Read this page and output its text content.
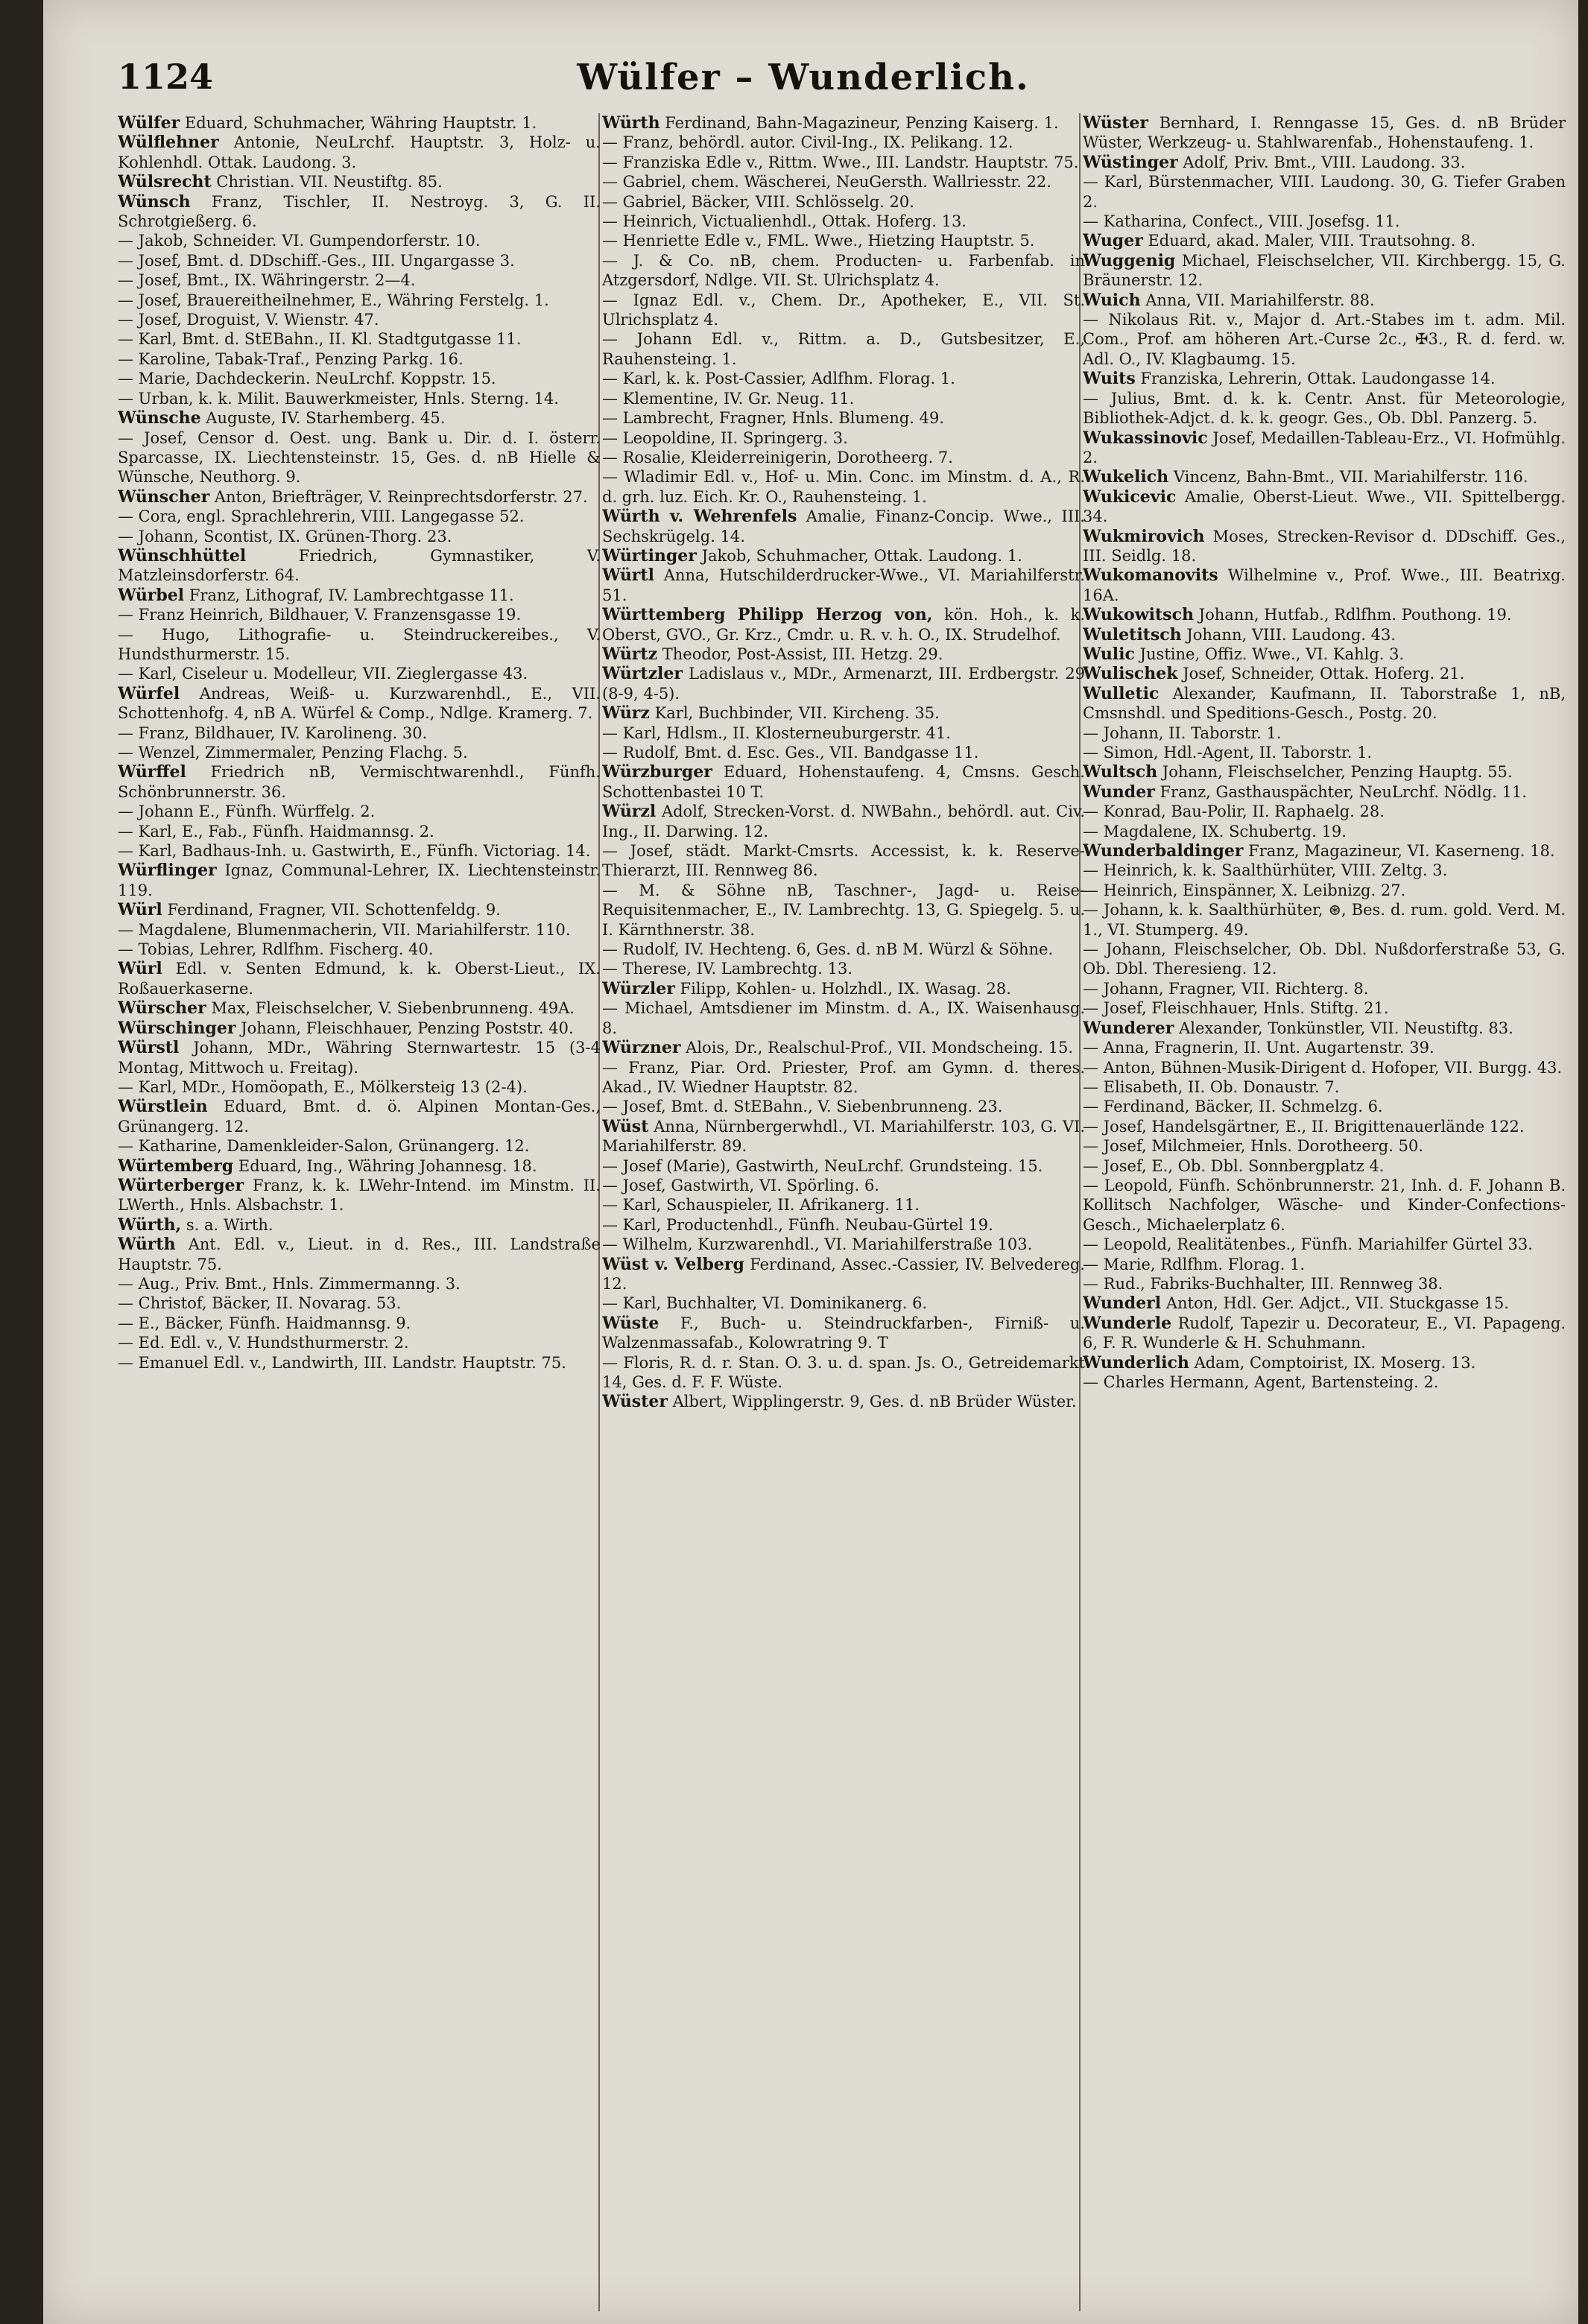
1124	Wülfer – Wunderlich.

Wülfer Eduard, Schuhmacher, Währing Hauptstr. 1.

Wülflehner Antonie, NeuLrchf. Hauptstr. 3, Holz- u. Kohlenhdl. Ottak. Laudong. 3.

Wülsrecht Christian. VII. Neustiftg. 85.

Wünsch Franz, Tischler, II. Nestroyg. 3, G. II. Schrotgießerg. 6.

— Jakob, Schneider. VI. Gumpendorferstr. 10.

— Josef, Bmt. d. DDschiff.-Ges., III. Ungargasse 3.

— Josef, Bmt., IX. Währingerstr. 2—4.

— Josef, Brauereitheilnehmer, E., Währing Ferstelg. 1.

— Josef, Droguist, V. Wienstr. 47.

— Karl, Bmt. d. StEBahn., II. Kl. Stadtgutgasse 11.

— Karoline, Tabak-Traf., Penzing Parkg. 16.

— Marie, Dachdeckerin. NeuLrchf. Koppstr. 15.

— Urban, k. k. Milit. Bauwerkmeister, Hnls. Sterng. 14.

Wünsche Auguste, IV. Starhemberg. 45.

— Josef, Censor d. Oest. ung. Bank u. Dir. d. I. österr. Sparcasse, IX. Liechtensteinstr. 15, Ges. d. nB Hielle & Wünsche, Neuthorg. 9.

Wünscher Anton, Briefträger, V. Reinprechtsdorferstr. 27.

— Cora, engl. Sprachlehrerin, VIII. Langegasse 52.

— Johann, Scontist, IX. Grünen-Thorg. 23.

Wünschhüttel	Friedrich, Gymnastiker, V. Matzleinsdorferstr. 64.

Würbel Franz, Lithograf, IV. Lambrechtgasse 11.

— Franz Heinrich, Bildhauer, V. Franzensgasse 19.

— Hugo, Lithografie- u. Steindruckereibes., V. Hundsthurmerstr. 15.

— Karl, Ciseleur u. Modelleur, VII. Zieglergasse 43.

Würfel Andreas, Weiß- u. Kurzwarenhdl., E., VII. Schottenhofg. 4, nB A. Würfel & Comp., Ndlge. Kramerg. 7.

— Franz, Bildhauer, IV. Karolineng. 30.

— Wenzel, Zimmermaler, Penzing Flachg. 5.

Würffel Friedrich nB, Vermischtwarenhdl., Fünfh. Schönbrunnerstr. 36.

— Johann E., Fünfh. Würffelg. 2.

— Karl, E., Fab., Fünfh. Haidmannsg. 2.

— Karl, Badhaus-Inh. u. Gastwirth, E., Fünfh. Victoriag. 14.

Würflinger Ignaz, Communal-Lehrer, IX. Liechtensteinstr. 119.

Würl Ferdinand, Fragner, VII. Schottenfeldg. 9.

— Magdalene, Blumenmacherin, VII. Mariahilferstr. 110.

— Tobias, Lehrer, Rdlfhm. Fischerg. 40.

Würl Edl. v. Senten Edmund, k. k. Oberst-Lieut., IX. Roßauerkaserne.

Würscher Max, Fleischselcher, V. Siebenbrunneng. 49A.

Würschinger Johann, Fleischhauer, Penzing Poststr. 40.

Würstl Johann, MDr., Währing Sternwartestr. 15 (3-4 Montag, Mittwoch u. Freitag).

— Karl, MDr., Homöopath, E., Mölkersteig 13 (2-4).

Würstlein Eduard, Bmt. d. ö. Alpinen Montan-Ges., Grünangerg. 12.

— Katharine, Damenkleider-Salon, Grünangerg. 12.

Würtemberg Eduard, Ing., Währing Johannesg. 18.

Würterberger Franz, k. k. LWehr-Intend. im Minstm. II. LWerth., Hnls. Alsbachstr. 1.

Würth, s. a. Wirth.

Würth Ant. Edl. v., Lieut. in d. Res., III. Landstraße Hauptstr. 75.

— Aug., Priv. Bmt., Hnls. Zimmermanng. 3.

— Christof, Bäcker, II. Novarag. 53.

— E., Bäcker, Fünfh. Haidmannsg. 9.

— Ed. Edl. v., V. Hundsthurmerstr. 2.

— Emanuel Edl. v., Landwirth, III. Landstr. Hauptstr. 75.

Würth Ferdinand, Bahn-Magazineur, Penzing Kaiserg. 1.

— Franz, behördl. autor. Civil-Ing., IX. Pelikang. 12.

— Franziska Edle v., Rittm. Wwe., III. Landstr. Hauptstr. 75.

— Gabriel, chem. Wäscherei, NeuGersth. Wallriesstr. 22.

— Gabriel, Bäcker, VIII. Schlösselg. 20.

— Heinrich, Victualienhdl., Ottak. Hoferg. 13.

— Henriette Edle v., FML. Wwe., Hietzing Hauptstr. 5.

— J. & Co. nB, chem. Producten- u. Farbenfab. in Atzgersdorf, Ndlge. VII. St. Ulrichsplatz 4.

— Ignaz Edl. v., Chem. Dr., Apotheker, E., VII. St. Ulrichsplatz 4.

— Johann Edl. v., Rittm. a. D., Gutsbesitzer, E., Rauhensteing. 1.

— Karl, k. k. Post-Cassier, Adlfhm. Florag. 1.

— Klementine, IV. Gr. Neug. 11.

— Lambrecht, Fragner, Hnls. Blumeng. 49.

— Leopoldine, II. Springerg. 3.

— Rosalie, Kleiderreinigerin, Dorotheerg. 7.

— Wladimir Edl. v., Hof- u. Min. Conc. im Minstm. d. A., R. d. grh. luz. Eich. Kr. O., Rauhensteing. 1.

Würth v. Wehrenfels Amalie, Finanz-Concip. Wwe., III. Sechskrügelg. 14.

Würtinger Jakob, Schuhmacher, Ottak. Laudong. 1.

Würtl Anna, Hutschilderdrucker-Wwe., VI. Mariahilferstr. 51.

Württemberg Philipp Herzog von, kön. Hoh., k. k. Oberst, GVO., Gr. Krz., Cmdr. u. R. v. h. O., IX. Strudelhof.

Würtz Theodor, Post-Assist, III. Hetzg. 29.

Würtzler Ladislaus v., MDr., Armenarzt, III. Erdbergstr. 29 (8-9, 4-5).

Würz Karl, Buchbinder, VII. Kircheng. 35.

— Karl, Hdlsm., II. Klosterneuburgerstr. 41.

— Rudolf, Bmt. d. Esc. Ges., VII. Bandgasse 11.

Würzburger Eduard, Hohenstaufeng. 4, Cmsns. Gesch. Schottenbastei 10 T.

Würzl Adolf, Strecken-Vorst. d. NWBahn., behördl. aut. Civ. Ing., II. Darwing. 12.

— Josef, städt. Markt-Cmsrts. Accessist, k. k. Reserve-Thierarzt, III. Rennweg 86.

— M. & Söhne nB, Taschner-, Jagd- u. Reise-Requisitenmacher, E., IV. Lambrechtg. 13, G. Spiegelg. 5. u. I. Kärnthnerstr. 38.

— Rudolf, IV. Hechteng. 6, Ges. d. nB M. Würzl & Söhne.

— Therese, IV. Lambrechtg. 13.

Würzler Filipp, Kohlen- u. Holzhdl., IX. Wasag. 28.

— Michael, Amtsdiener im Minstm. d. A., IX. Waisenhausg. 8.

Würzner Alois, Dr., Realschul-Prof., VII. Mondscheing. 15.

— Franz, Piar. Ord. Priester, Prof. am Gymn. d. theres. Akad., IV. Wiedner Hauptstr. 82.

— Josef, Bmt. d. StEBahn., V. Siebenbrunneng. 23.

Wüst Anna, Nürnbergerwhdl., VI. Mariahilferstr. 103, G. VI. Mariahilferstr. 89.

— Josef (Marie), Gastwirth, NeuLrchf. Grundsteing. 15.

— Josef, Gastwirth, VI. Spörling. 6.

— Karl, Schauspieler, II. Afrikanerg. 11.

— Karl, Productenhdl., Fünfh. Neubau-Gürtel 19.

— Wilhelm, Kurzwarenhdl., VI. Mariahilferstraße 103.

Wüst v. Velberg Ferdinand, Assec.-Cassier, IV. Belvedereg. 12.

— Karl, Buchhalter, VI. Dominikanerg. 6.

Wüste F., Buch- u. Steindruckfarben-, Firniß- u. Walzenmassafab., Kolowratring 9. T

— Floris, R. d. r. Stan. O. 3. u. d. span. Js. O., Getreidemarkt 14, Ges. d. F. F. Wüste.

Wüster Albert, Wipplingerstr. 9, Ges. d. nB Brüder Wüster.

Wüster Bernhard, I. Renngasse 15, Ges. d. nB Brüder Wüster, Werkzeug- u. Stahlwarenfab., Hohenstaufeng. 1.

Wüstinger Adolf, Priv. Bmt., VIII. Laudong. 33.

— Karl, Bürstenmacher, VIII. Laudong. 30, G. Tiefer Graben 2.

— Katharina, Confect., VIII. Josefsg. 11.

Wuger Eduard, akad. Maler, VIII. Trautsohng. 8.

Wuggenig Michael, Fleischselcher, VII. Kirchbergg. 15, G. Bräunerstr. 12.

Wuich Anna, VII. Mariahilferstr. 88.

— Nikolaus Rit. v., Major d. Art.-Stabes im t. adm. Mil. Com., Prof. am höheren Art.-Curse 2c., ✠3., R. d. ferd. w. Adl. O., IV. Klagbaumg. 15.

Wuits Franziska, Lehrerin, Ottak. Laudongasse 14.

— Julius, Bmt. d. k. k. Centr. Anst. für Meteorologie, Bibliothek-Adjct. d. k. k. geogr. Ges., Ob. Dbl. Panzerg. 5.

Wukassinovic Josef, Medaillen-Tableau-Erz., VI. Hofmühlg. 2.

Wukelich Vincenz, Bahn-Bmt., VII. Mariahilferstr. 116.

Wukicevic Amalie, Oberst-Lieut. Wwe., VII. Spittelbergg. 34.

Wukmirovich Moses, Strecken-Revisor d. DDschiff. Ges., III. Seidlg. 18.

Wukomanovits Wilhelmine v., Prof. Wwe., III. Beatrixg. 16A.

Wukowitsch Johann, Hutfab., Rdlfhm. Pouthong. 19.

Wuletitsch Johann, VIII. Laudong. 43.

Wulic Justine, Offiz. Wwe., VI. Kahlg. 3.

Wulischek Josef, Schneider, Ottak. Hoferg. 21.

Wulletic Alexander, Kaufmann, II. Taborstraße 1, nB, Cmsnshdl. und Speditions-Gesch., Postg. 20.

— Johann, II. Taborstr. 1.

— Simon, Hdl.-Agent, II. Taborstr. 1.

Wultsch Johann, Fleischselcher, Penzing Hauptg. 55.

Wunder Franz, Gasthauspächter, NeuLrchf. Nödlg. 11.

— Konrad, Bau-Polir, II. Raphaelg. 28.

— Magdalene, IX. Schubertg. 19.

Wunderbaldinger Franz, Magazineur, VI. Kaserneng. 18.

— Heinrich, k. k. Saalthürhüter, VIII. Zeltg. 3.

— Heinrich, Einspänner, X. Leibnizg. 27.

— Johann, k. k. Saalthürhüter, ⊛, Bes. d. rum. gold. Verd. M. 1., VI. Stumperg. 49.

— Johann, Fleischselcher, Ob. Dbl. Nußdorferstraße 53, G. Ob. Dbl. Theresieng. 12.

— Johann, Fragner, VII. Richterg. 8.

— Josef, Fleischhauer, Hnls. Stiftg. 21.

Wunderer Alexander, Tonkünstler, VII. Neustiftg. 83.

— Anna, Fragnerin, II. Unt. Augartenstr. 39.

— Anton, Bühnen-Musik-Dirigent d. Hofoper, VII. Burgg. 43.

— Elisabeth, II. Ob. Donaustr. 7.

— Ferdinand, Bäcker, II. Schmelzg. 6.

— Josef, Handelsgärtner, E., II. Brigittenauerlände 122.

— Josef, Milchmeier, Hnls. Dorotheerg. 50.

— Josef, E., Ob. Dbl. Sonnbergplatz 4.

— Leopold, Fünfh. Schönbrunnerstr. 21, Inh. d. F. Johann B. Kollitsch Nachfolger, Wäsche- und Kinder-Confections-Gesch., Michaelerplatz 6.

— Leopold, Realitätenbes., Fünfh. Mariahilfer Gürtel 33.

— Marie, Rdlfhm. Florag. 1.

— Rud., Fabriks-Buchhalter, III. Rennweg 38.

Wunderl Anton, Hdl. Ger. Adjct., VII. Stuckgasse 15.

Wunderle Rudolf, Tapezir u. Decorateur, E., VI. Papageng. 6, F. R. Wunderle & H. Schuhmann.

Wunderlich Adam, Comptoirist, IX. Moserg. 13.

— Charles Hermann, Agent, Bartensteing. 2.
